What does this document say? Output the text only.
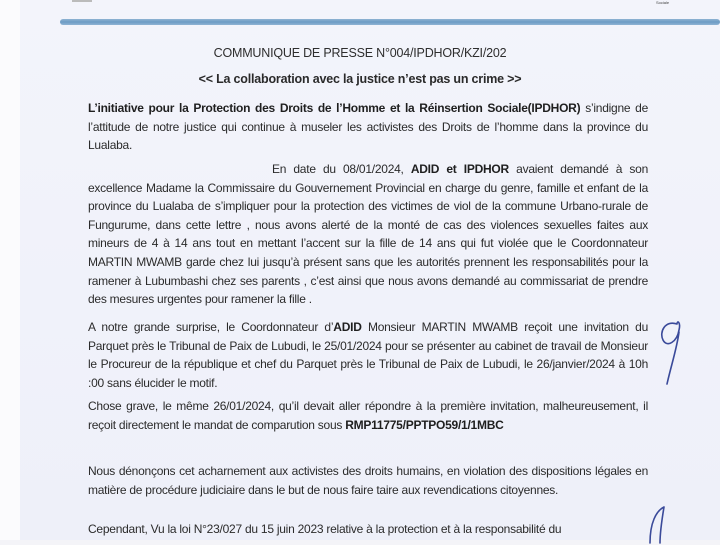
Sociale
COMMUNIQUE DE PRESSE N°004/IPDHOR/KZI/202
<< La collaboration avec la justice n’est pas un crime >>
L’initiative pour la Protection des Droits de l’Homme et la Réinsertion Sociale(IPDHOR) s’indigne de l’attitude de notre justice qui continue à museler les activistes des Droits de l’homme dans la province du Lualaba.
En date du 08/01/2024, ADID et IPDHOR avaient demandé à son excellence Madame la Commissaire du Gouvernement Provincial en charge du genre, famille et enfant de la province du Lualaba de s’impliquer pour la protection des victimes de viol de la commune Urbano-rurale de Fungurume, dans cette lettre , nous avons alerté de la monté de cas des violences sexuelles faites aux mineurs de 4 à 14 ans tout en mettant l’accent sur la fille de 14 ans qui fut violée que le Coordonnateur MARTIN MWAMB garde chez lui jusqu’à présent sans que les autorités prennent les responsabilités pour la ramener à Lubumbashi chez ses parents , c’est ainsi que nous avons demandé au commissariat de prendre des mesures urgentes pour ramener la fille .
A notre grande surprise, le Coordonnateur d’ADID Monsieur MARTIN MWAMB reçoit une invitation du Parquet près le Tribunal de Paix de Lubudi, le 25/01/2024 pour se présenter au cabinet de travail de Monsieur le Procureur de la république et chef du Parquet près le Tribunal de Paix de Lubudi, le 26/janvier/2024 à 10h :00 sans élucider le motif.
Chose grave, le même 26/01/2024, qu’il devait aller répondre à la première invitation, malheureusement, il reçoit directement le mandat de comparution sous RMP11775/PPTPO59/1/1MBC
Nous dénonçons cet acharnement aux activistes des droits humains, en violation des dispositions légales en matière de procédure judiciaire dans le but de nous faire taire aux revendications citoyennes.
Cependant, Vu la loi N°23/027 du 15 juin 2023 relative à la protection et à la responsabilité du
